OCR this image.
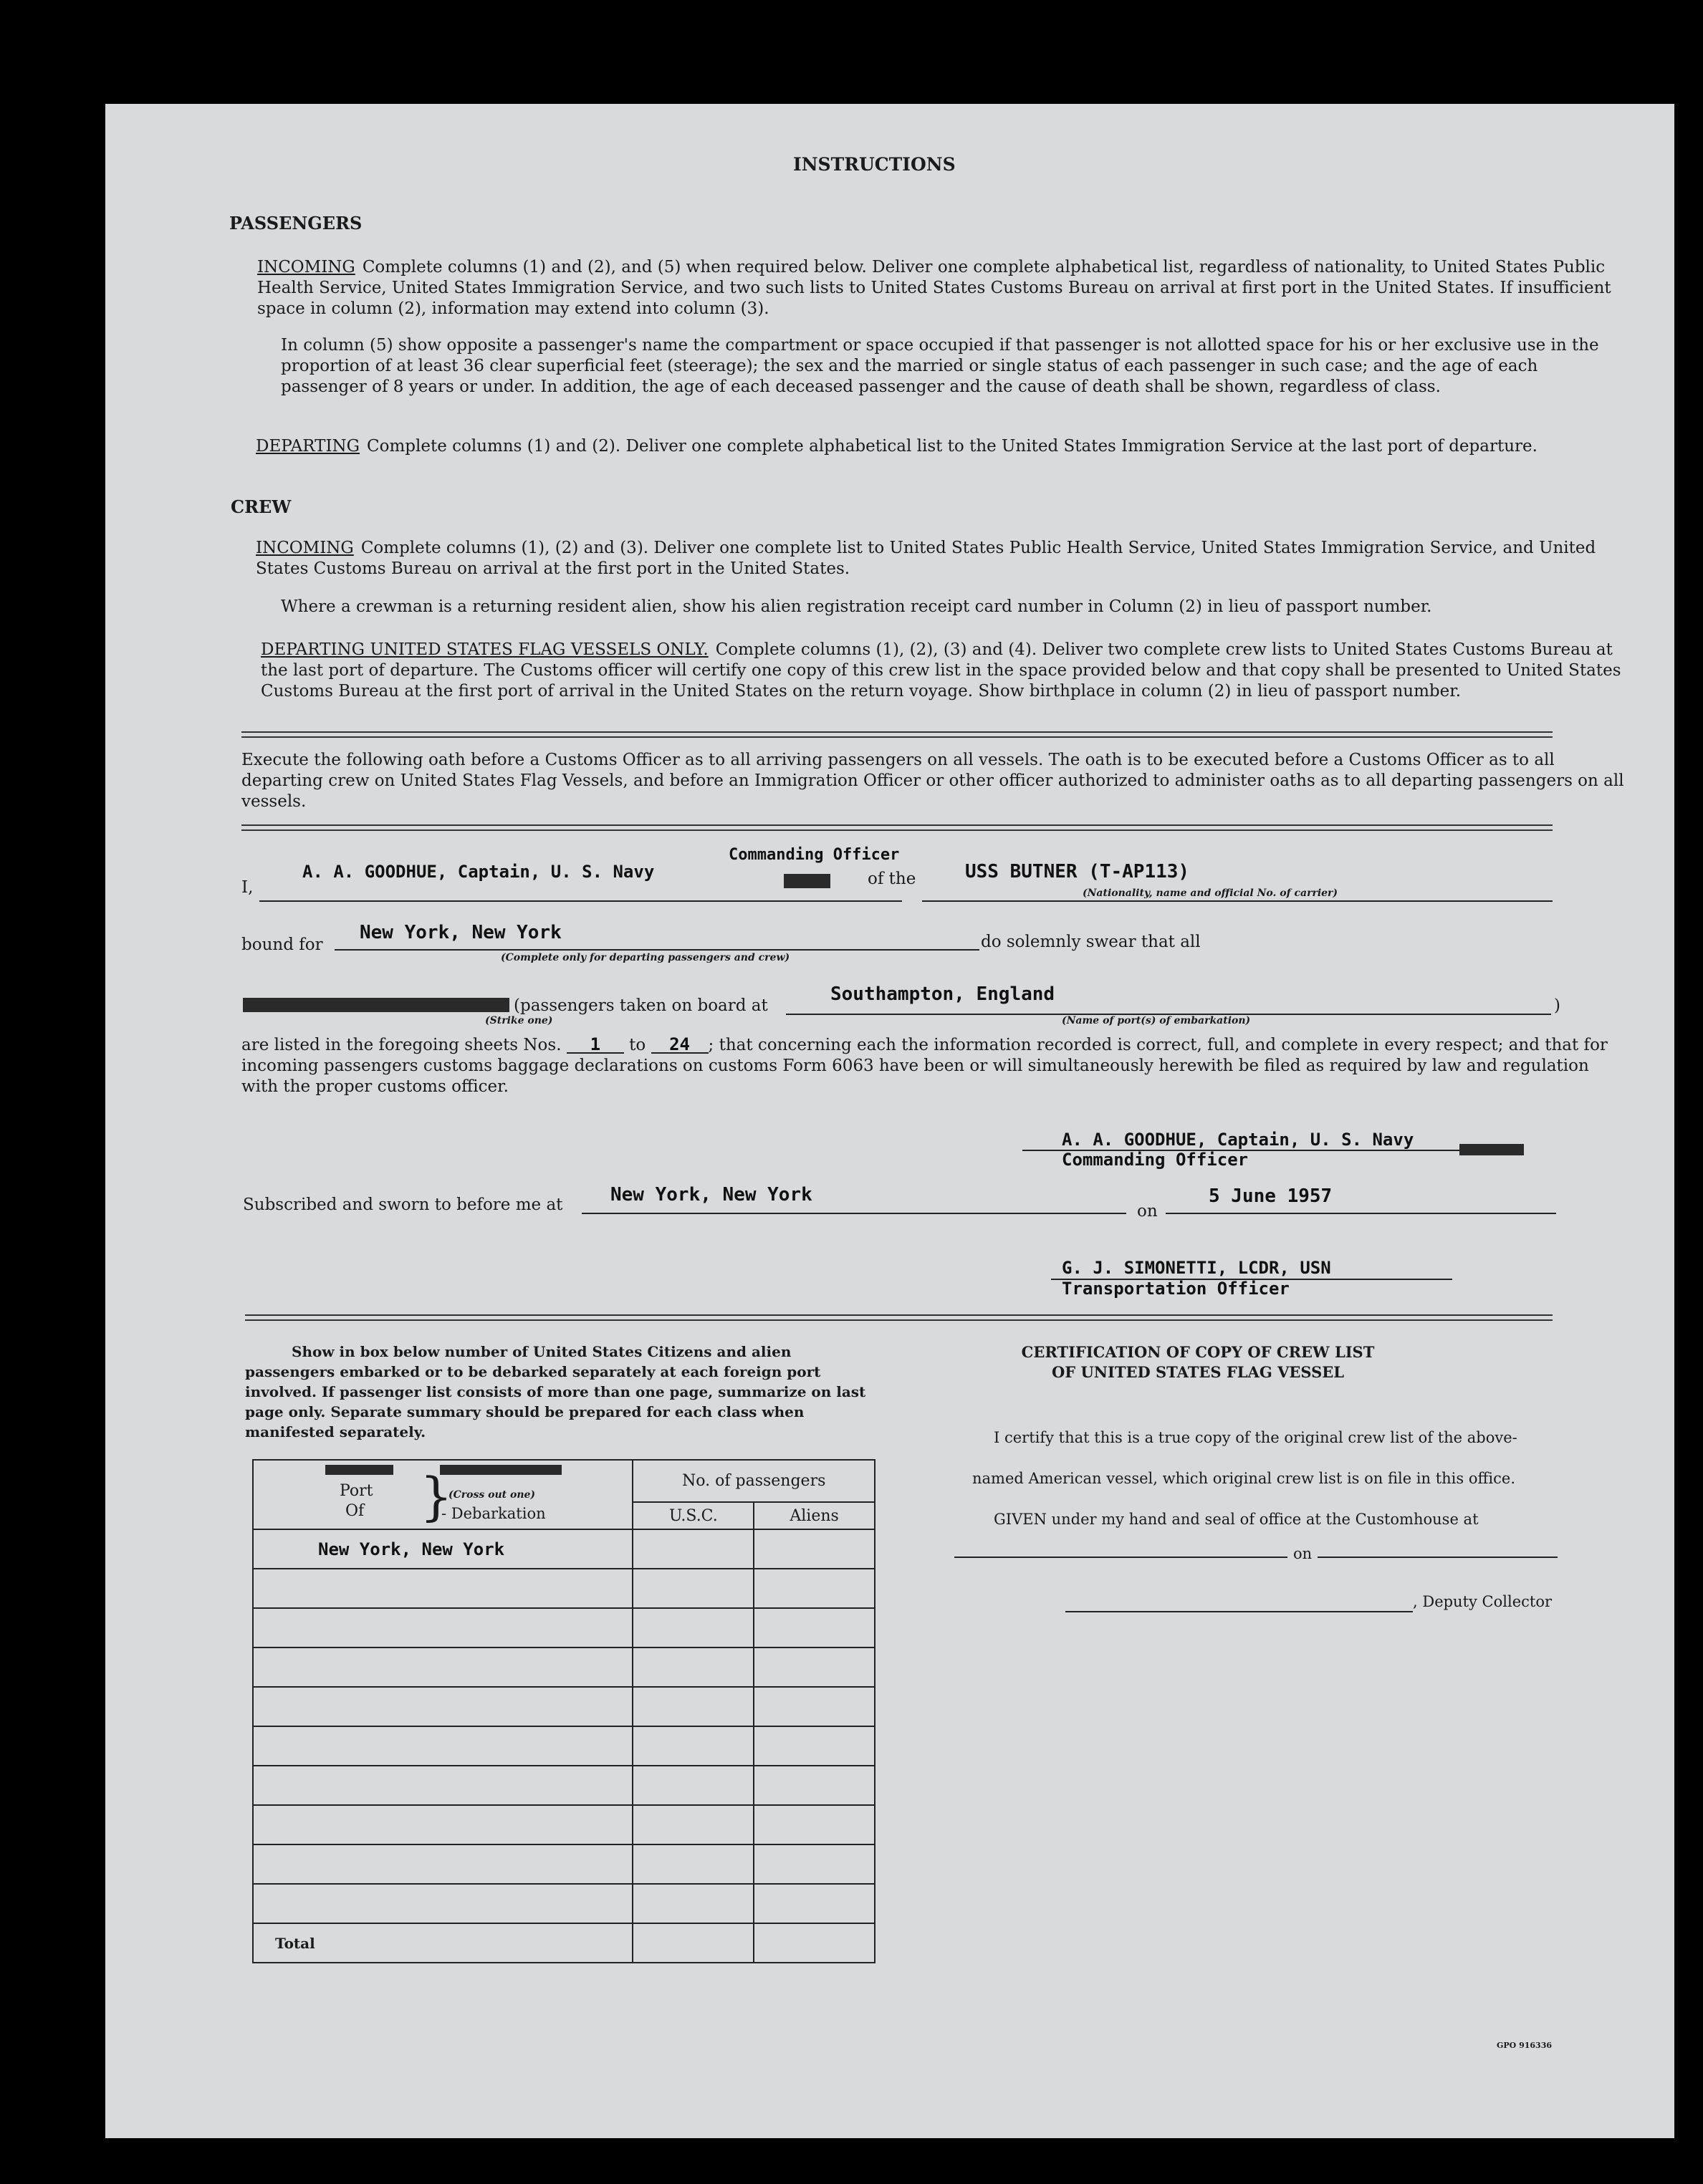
INSTRUCTIONS
PASSENGERS
INCOMING Complete columns (1) and (2), and (5) when required below. Deliver one complete alphabetical list, regardless of nationality, to United States Public Health Service, United States Immigration Service, and two such lists to United States Customs Bureau on arrival at first port in the United States. If insufficient space in column (2), information may extend into column (3).
In column (5) show opposite a passenger's name the compartment or space occupied if that passenger is not allotted space for his or her exclusive use in the proportion of at least 36 clear superficial feet (steerage); the sex and the married or single status of each passenger in such case; and the age of each passenger of 8 years or under. In addition, the age of each deceased passenger and the cause of death shall be shown, regardless of class.
DEPARTING Complete columns (1) and (2). Deliver one complete alphabetical list to the United States Immigration Service at the last port of departure.
CREW
INCOMING Complete columns (1), (2) and (3). Deliver one complete list to United States Public Health Service, United States Immigration Service, and United States Customs Bureau on arrival at the first port in the United States.
Where a crewman is a returning resident alien, show his alien registration receipt card number in Column (2) in lieu of passport number.
DEPARTING UNITED STATES FLAG VESSELS ONLY. Complete columns (1), (2), (3) and (4). Deliver two complete crew lists to United States Customs Bureau at the last port of departure. The Customs officer will certify one copy of this crew list in the space provided below and that copy shall be presented to United States Customs Bureau at the first port of arrival in the United States on the return voyage. Show birthplace in column (2) in lieu of passport number.
Execute the following oath before a Customs Officer as to all arriving passengers on all vessels. The oath is to be executed before a Customs Officer as to all departing crew on United States Flag Vessels, and before an Immigration Officer or other officer authorized to administer oaths as to all departing passengers on all vessels.
I,
A. A. GOODHUE, Captain, U. S. Navy
Commanding Officer
Master of the	USS BUTNER (T-AP113)
(Nationality, name and official No. of carrier)
bound for
New York, New York
(Complete only for departing passengers and crew)
do solemnly swear that all
(Strike one)
(passengers taken on board at
Southampton, England
(Name of port(s) of embarkation)
)
are listed in the foregoing sheets Nos. 1 to 24 ; that concerning each the information recorded is correct, full, and complete in every respect; and that for incoming passengers customs baggage declarations on customs Form 6063 have been or will simultaneously herewith be filed as required by law and regulation with the proper customs officer.
A. A. GOODHUE, Captain, U. S. Navy
Commanding Officer
Subscribed and sworn to before me at	New York, New York
on
5 June 1957
G. J. SIMONETTI, LCDR, USN
Transportation Officer
Show in box below number of United States Citizens and alien passengers embarked or to be debarked separately at each foreign port involved. If passenger list consists of more than one page, summarize on last page only. Separate summary should be prepared for each class when manifested separately.
Port
Of }
(Cross out one)
- Debarkation	No. of passengers	
	U.S.C.	Aliens
New York, New York		

Total		
CERTIFICATION OF COPY OF CREW LIST
OF UNITED STATES FLAG VESSEL
I certify that this is a true copy of the original crew list of the above-
named American vessel, which original crew list is on file in this office.
GIVEN under my hand and seal of office at the Customhouse at
on
, Deputy Collector
GPO 916336
